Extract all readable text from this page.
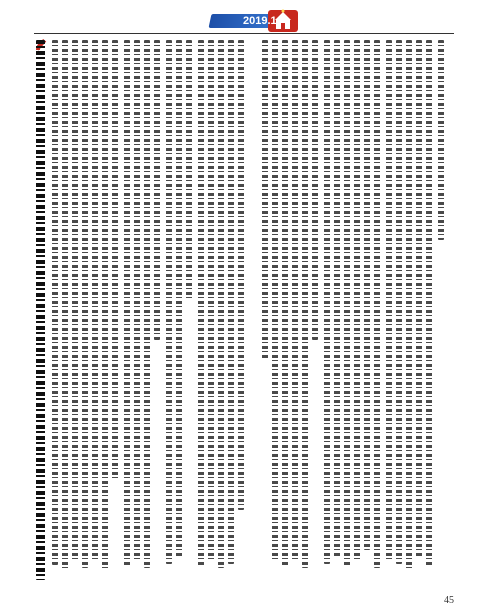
2019.1
45
